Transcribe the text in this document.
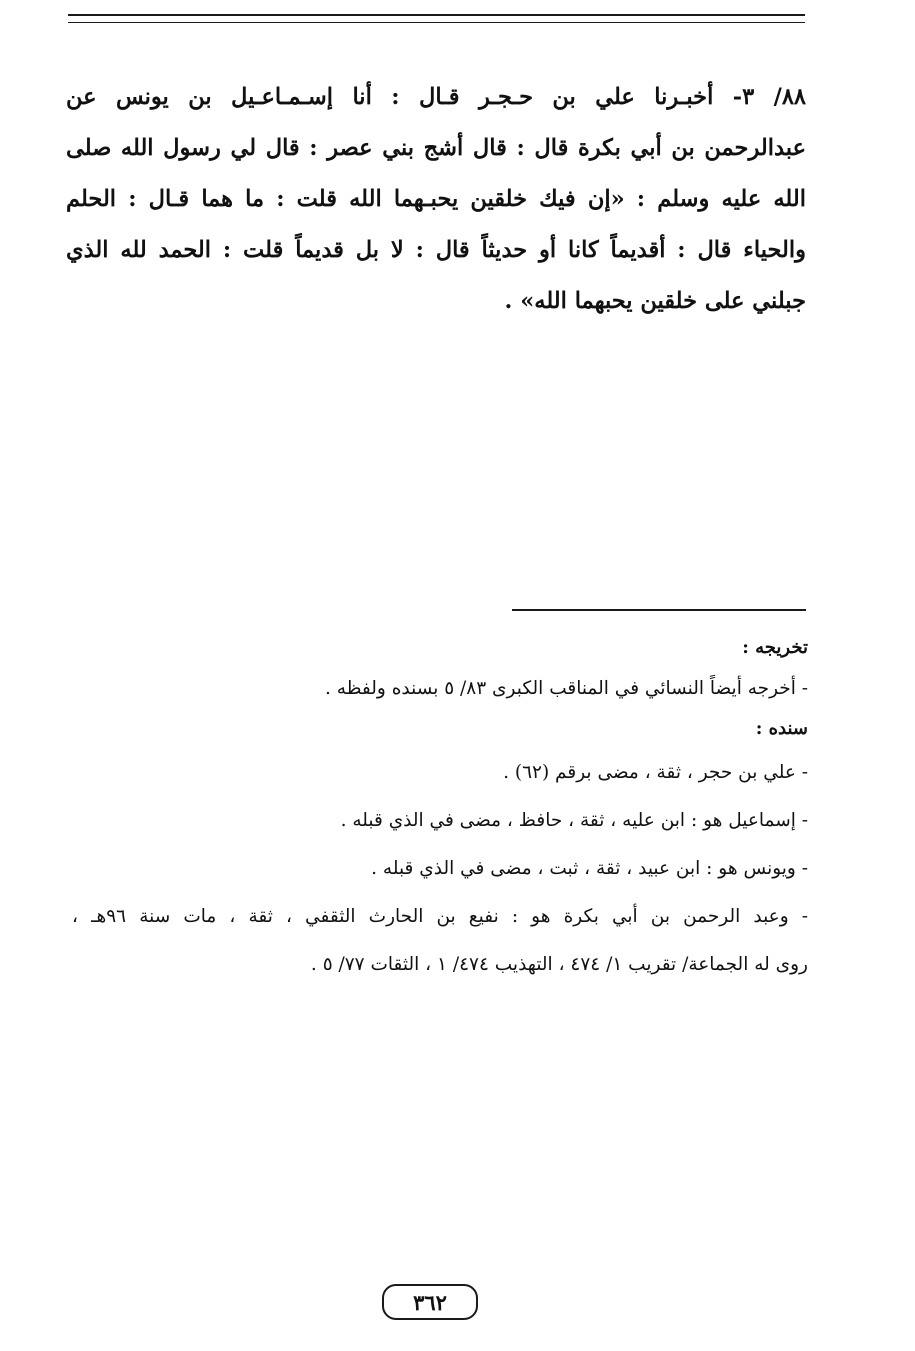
٨٨/ ٣- أخبـرنا علي بن حـجـر قـال : أنا إسـمـاعـيل بن يونس عن
عبدالرحمن بن أبي بكرة قال : قال أشج بني عصر : قال لي رسول الله صلى
الله عليه وسلم : «إن فيك خلقين يحبـهما الله قلت : ما هما قـال : الحلم
والحياء قال : أقديماً كانا أو حديثاً قال : لا بل قديماً قلت : الحمد لله الذي
جبلني على خلقين يحبهما الله» .
تخريجه :
- أخرجه أيضاً النسائي في المناقب الكبرى ٨٣/ ٥ بسنده ولفظه .
سنده :
- علي بن حجر ، ثقة ، مضى برقم (٦٢) .
- إسماعيل هو : ابن عليه ، ثقة ، حافظ ، مضى في الذي قبله .
- ويونس هو : ابن عبيد ، ثقة ، ثبت ، مضى في الذي قبله .
- وعبد الرحمن بن أبي بكرة هو : نفيع بن الحارث الثقفي ، ثقة ، مات سنة ٩٦هـ ،
روى له الجماعة/ تقريب ١/ ٤٧٤ ، التهذيب ٤٧٤/ ١ ، الثقات ٧٧/ ٥ .
٣٦٢
